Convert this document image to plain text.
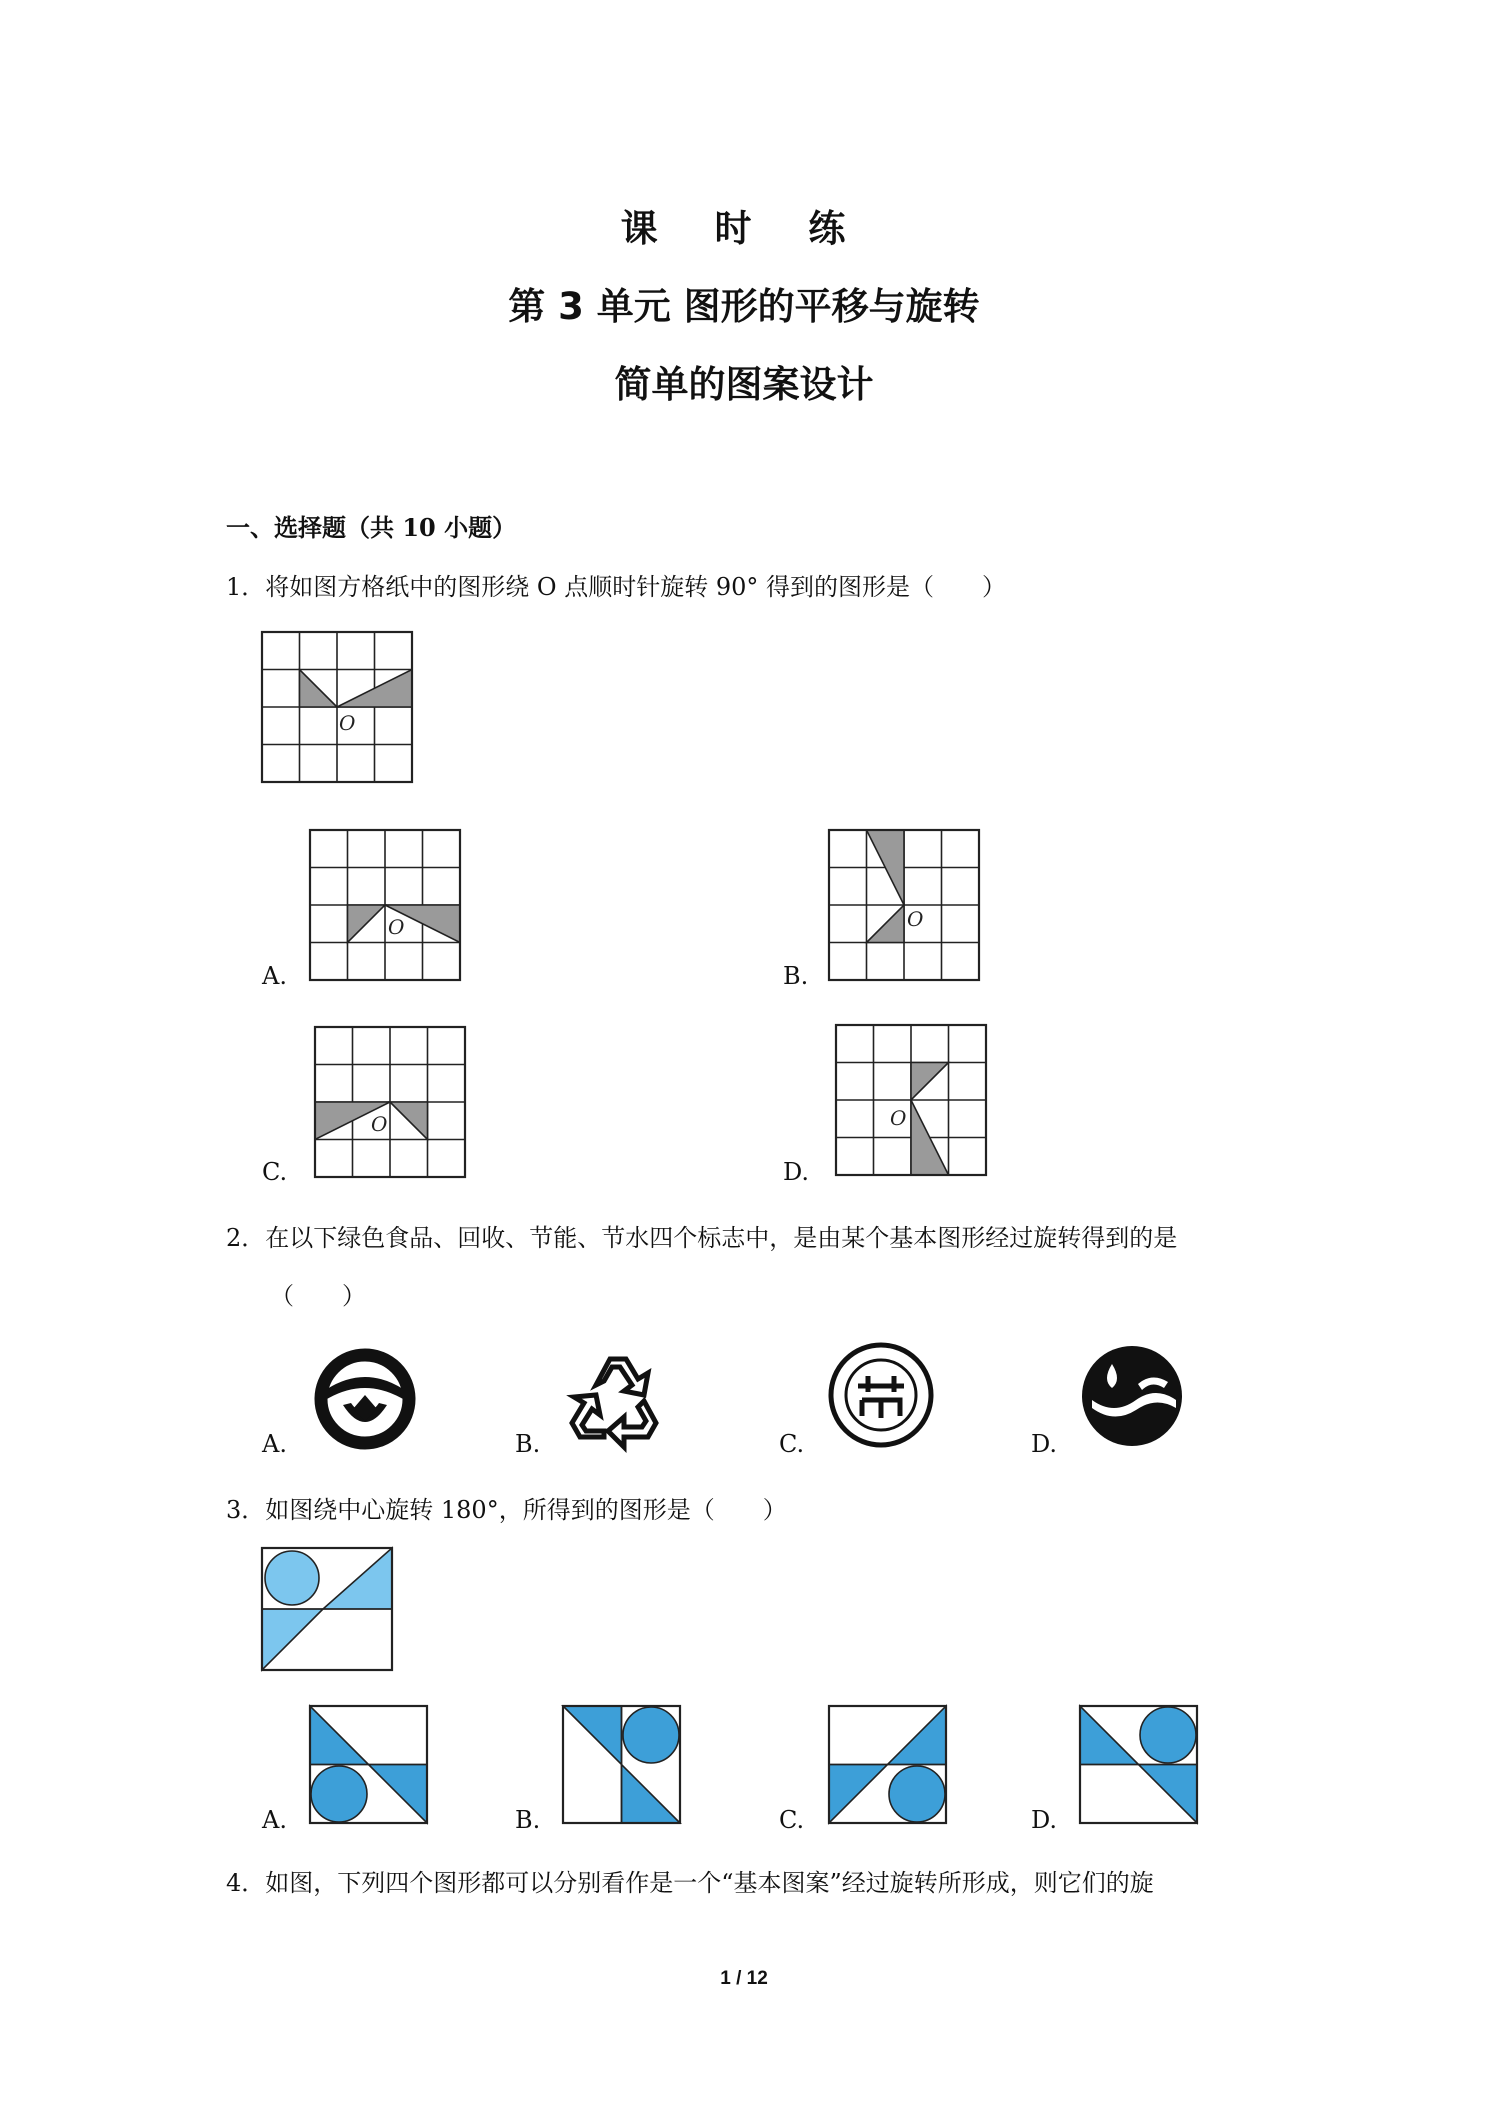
课 时 练
第 3 单元 图形的平移与旋转
简单的图案设计
一、选择题（共 10 小题）
1．将如图方格纸中的图形绕 O 点顺时针旋转 90° 得到的图形是（　　）
O
A.
O
B.
O
C.
O
D.
O
2．在以下绿色食品、回收、节能、节水四个标志中，是由某个基本图形经过旋转得到的是
（　　）
A.	B.	C.	D.
3．如图绕中心旋转 180°，所得到的图形是（　　）
A.	B.	C.	D.
4．如图，下列四个图形都可以分别看作是一个“基本图案”经过旋转所形成，则它们的旋
1 / 12
